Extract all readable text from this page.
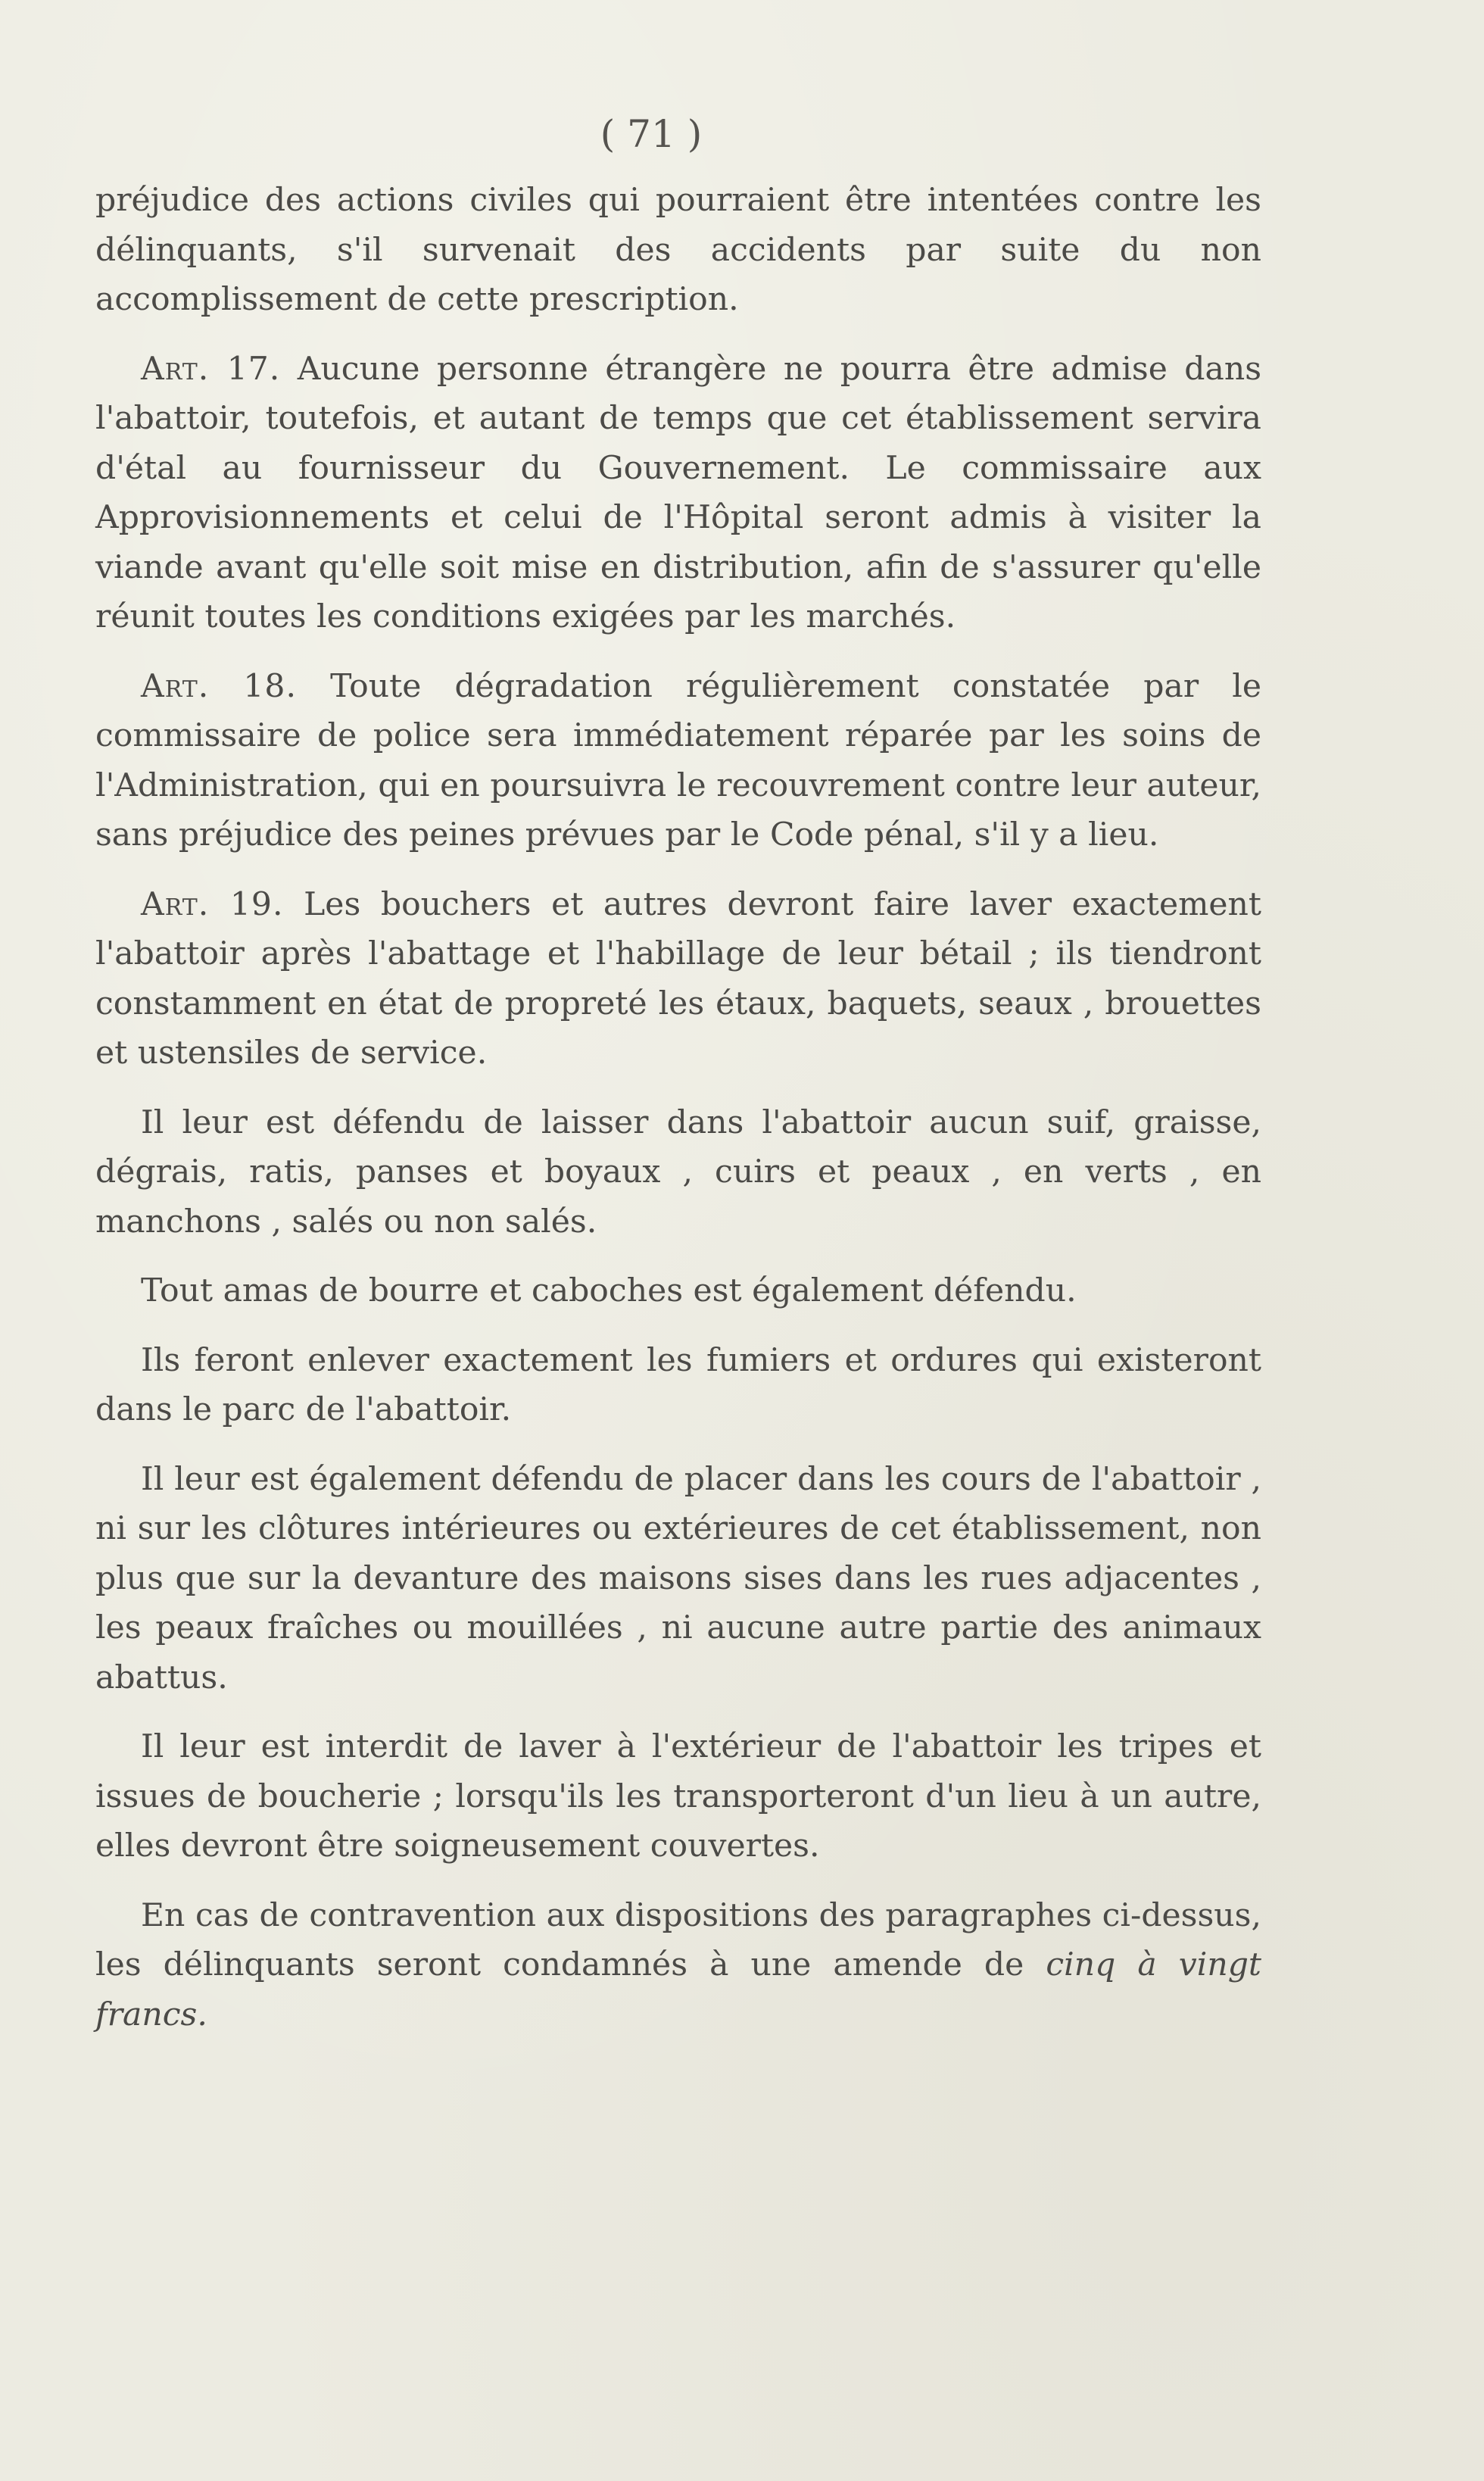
( 71 )

préjudice des actions civiles qui pourraient être intentées contre les délinquants, s'il survenait des accidents par suite du non accomplissement de cette prescription.

Art. 17. Aucune personne étrangère ne pourra être admise dans l'abattoir, toutefois, et autant de temps que cet établissement servira d'étal au fournisseur du Gouvernement. Le commissaire aux Approvisionnements et celui de l'Hôpital seront admis à visiter la viande avant qu'elle soit mise en distribution, afin de s'assurer qu'elle réunit toutes les conditions exigées par les marchés.

Art. 18. Toute dégradation régulièrement constatée par le commissaire de police sera immédiatement réparée par les soins de l'Administration, qui en poursuivra le recouvrement contre leur auteur, sans préjudice des peines prévues par le Code pénal, s'il y a lieu.

Art. 19. Les bouchers et autres devront faire laver exactement l'abattoir après l'abattage et l'habillage de leur bétail ; ils tiendront constamment en état de propreté les étaux, baquets, seaux , brouettes et ustensiles de service.

Il leur est défendu de laisser dans l'abattoir aucun suif, graisse, dégrais, ratis, panses et boyaux , cuirs et peaux , en verts , en manchons , salés ou non salés.

Tout amas de bourre et caboches est également défendu.

Ils feront enlever exactement les fumiers et ordures qui existeront dans le parc de l'abattoir.

Il leur est également défendu de placer dans les cours de l'abattoir , ni sur les clôtures intérieures ou extérieures de cet établissement, non plus que sur la devanture des maisons sises dans les rues adjacentes , les peaux fraîches ou mouillées , ni aucune autre partie des animaux abattus.

Il leur est interdit de laver à l'extérieur de l'abattoir les tripes et issues de boucherie ; lorsqu'ils les transporteront d'un lieu à un autre, elles devront être soigneusement couvertes.

En cas de contravention aux dispositions des paragraphes ci-dessus, les délinquants seront condamnés à une amende de cinq à vingt francs.
